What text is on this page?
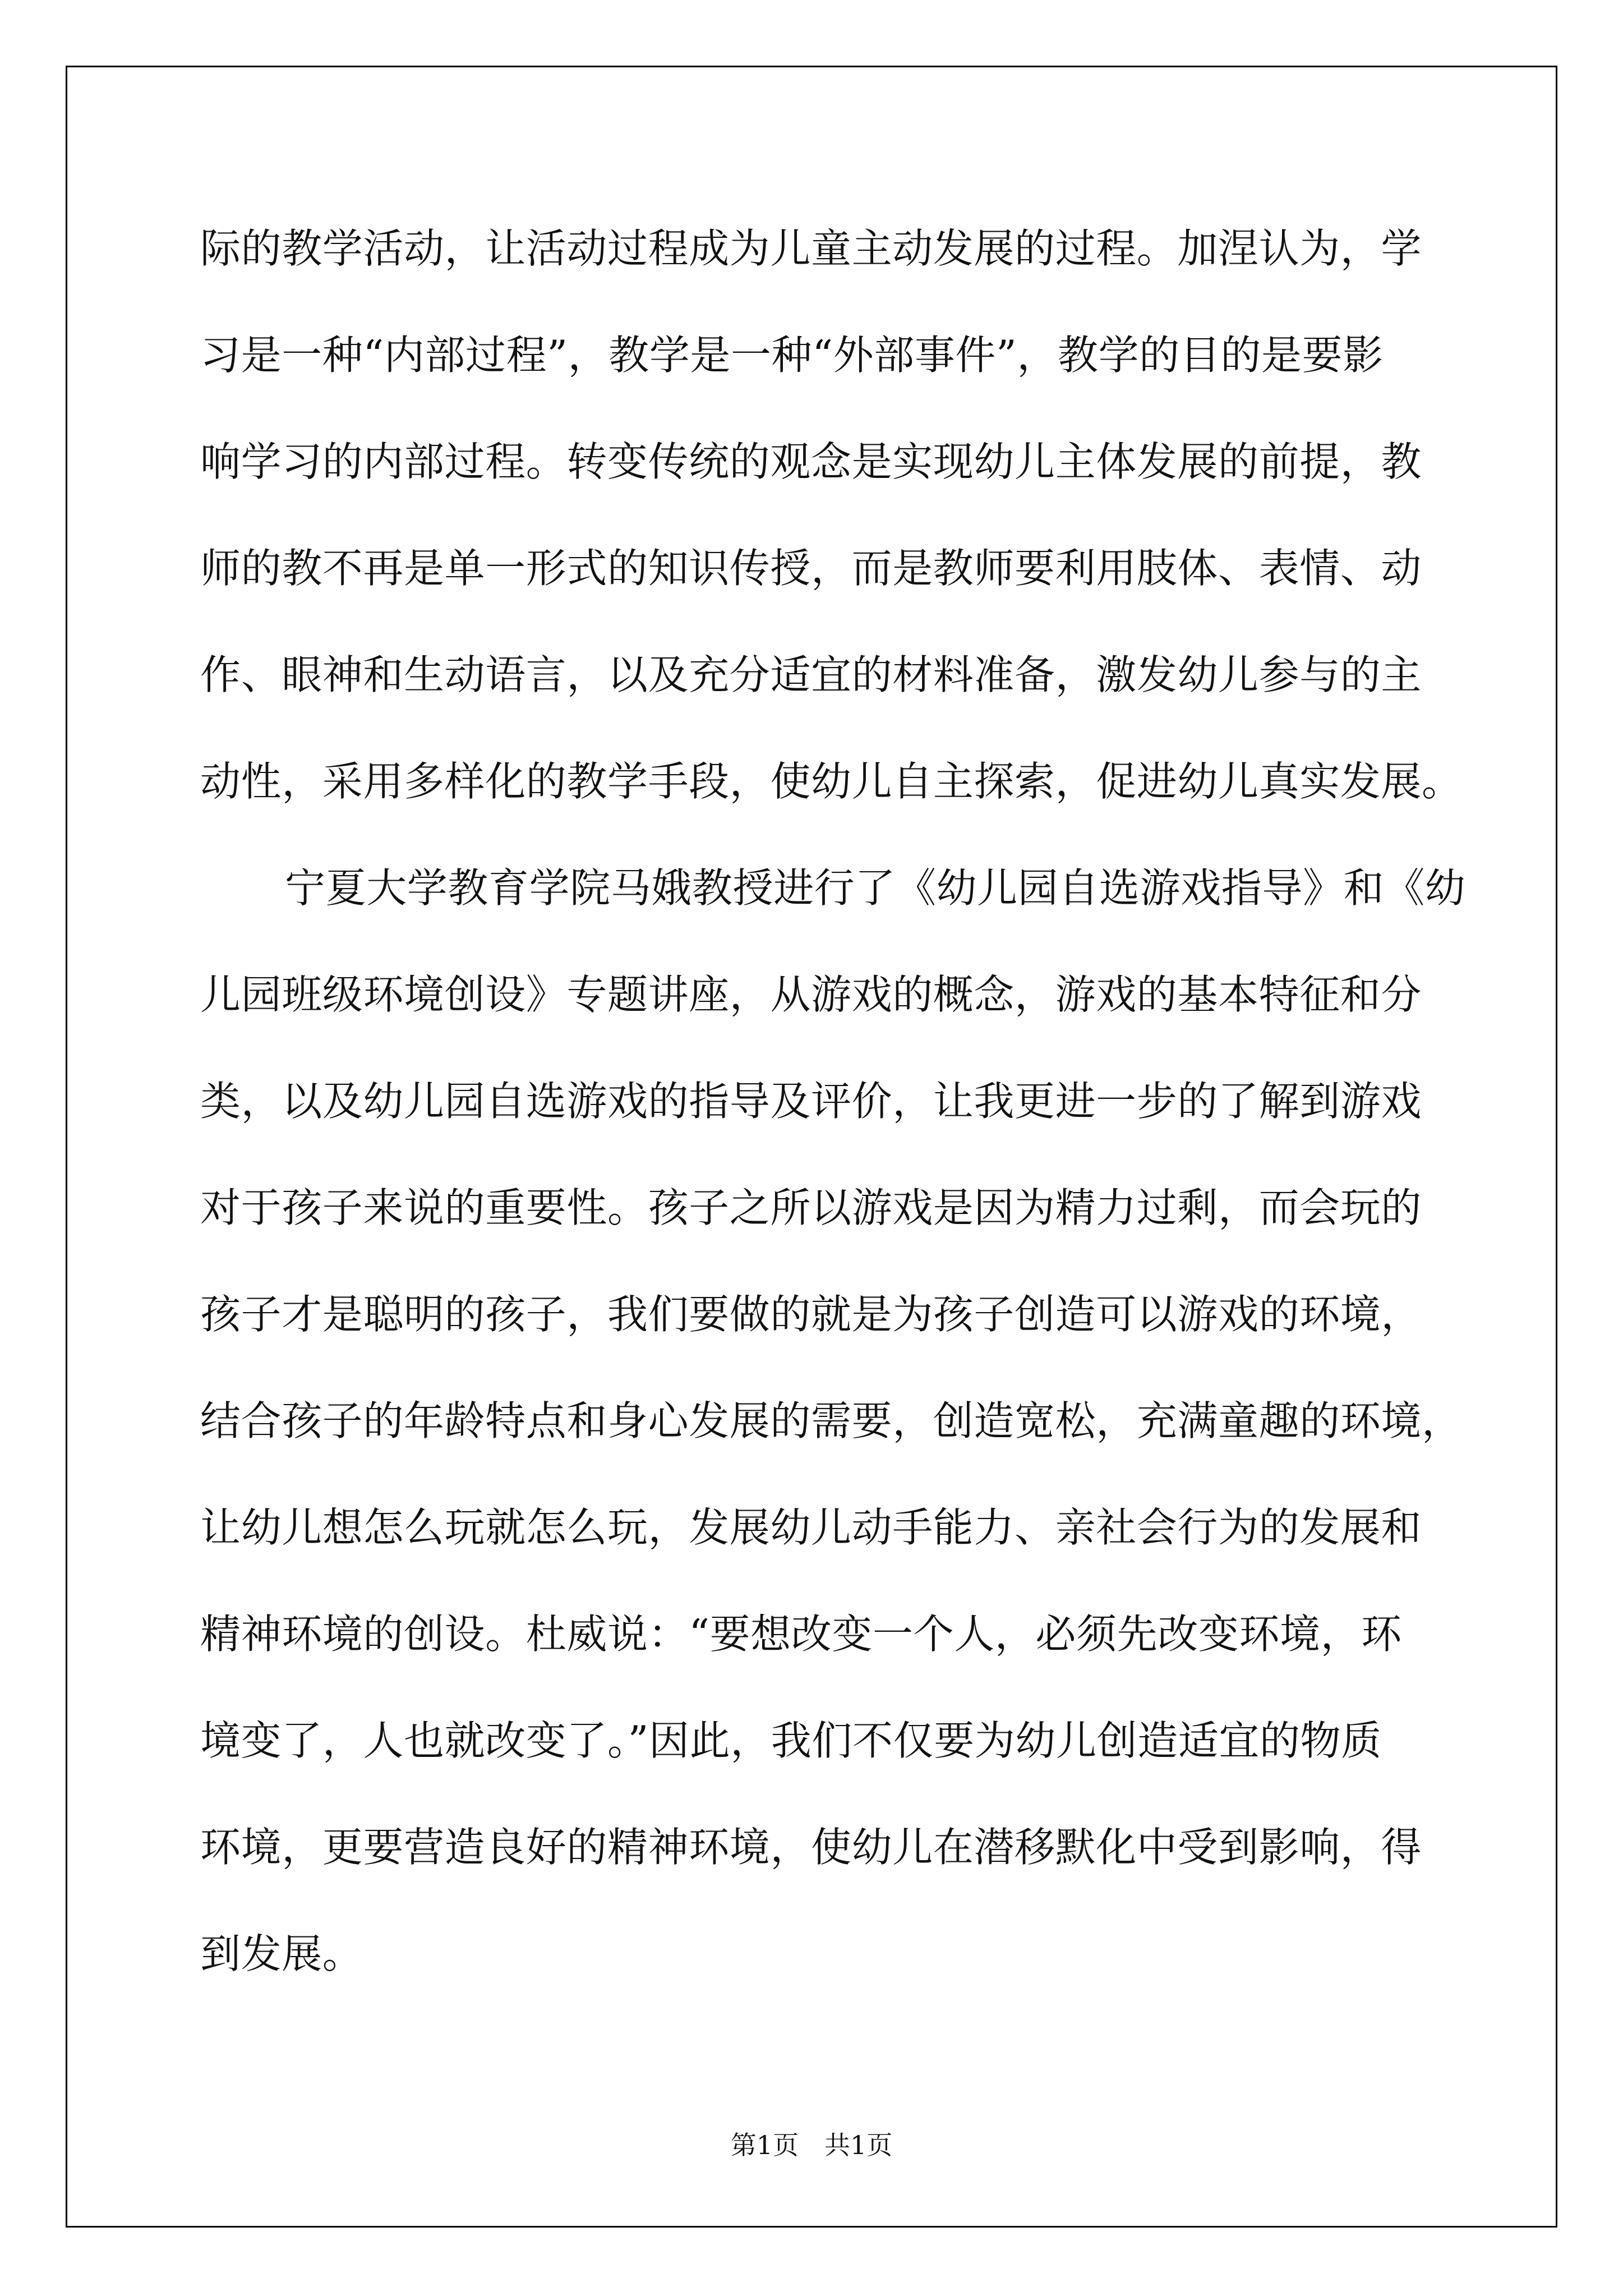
际的教学活动，让活动过程成为儿童主动发展的过程。加涅认为，学
习是一种“内部过程”，教学是一种“外部事件”，教学的目的是要影
响学习的内部过程。转变传统的观念是实现幼儿主体发展的前提，教
师的教不再是单一形式的知识传授，而是教师要利用肢体、表情、动
作、眼神和生动语言，以及充分适宜的材料准备，激发幼儿参与的主
动性，采用多样化的教学手段，使幼儿自主探索，促进幼儿真实发展。
宁夏大学教育学院马娥教授进行了《幼儿园自选游戏指导》和《幼
儿园班级环境创设》专题讲座，从游戏的概念，游戏的基本特征和分
类，以及幼儿园自选游戏的指导及评价，让我更进一步的了解到游戏
对于孩子来说的重要性。孩子之所以游戏是因为精力过剩，而会玩的
孩子才是聪明的孩子，我们要做的就是为孩子创造可以游戏的环境，
结合孩子的年龄特点和身心发展的需要，创造宽松，充满童趣的环境，
让幼儿想怎么玩就怎么玩，发展幼儿动手能力、亲社会行为的发展和
精神环境的创设。杜威说：“要想改变一个人，必须先改变环境，环
境变了，人也就改变了。”因此，我们不仅要为幼儿创造适宜的物质
环境，更要营造良好的精神环境，使幼儿在潜移默化中受到影响，得
到发展。
第1页　共1页
